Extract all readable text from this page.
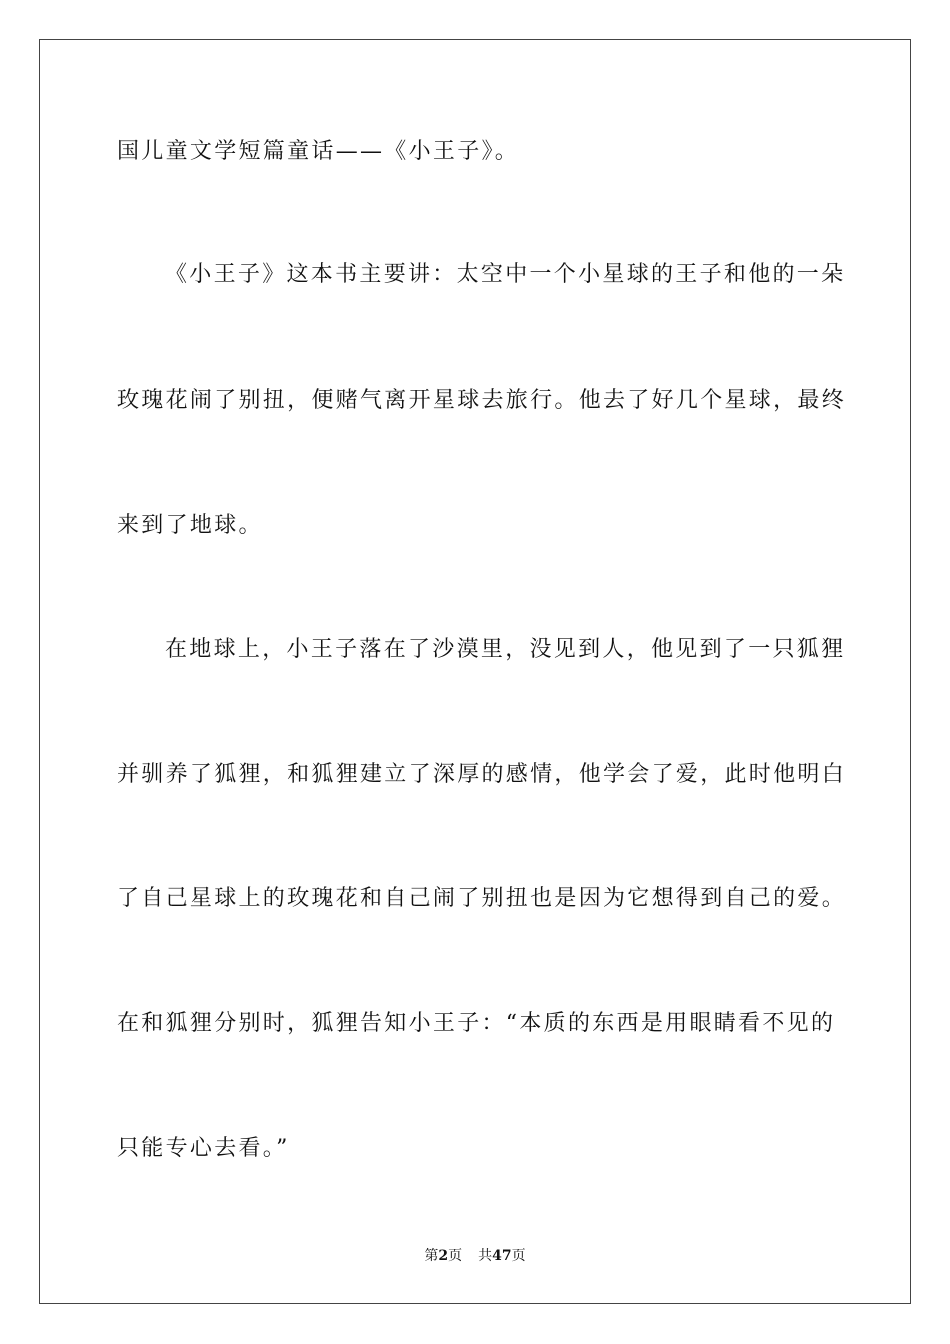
国儿童文学短篇童话——《小王子》。
《小王子》这本书主要讲：太空中一个小星球的王子和他的一朵
玫瑰花闹了别扭，便赌气离开星球去旅行。他去了好几个星球，最终
来到了地球。
在地球上，小王子落在了沙漠里，没见到人，他见到了一只狐狸
并驯养了狐狸，和狐狸建立了深厚的感情，他学会了爱，此时他明白
了自己星球上的玫瑰花和自己闹了别扭也是因为它想得到自己的爱。
在和狐狸分别时，狐狸告知小王子：“本质的东西是用眼睛看不见的
只能专心去看。”
第2页 共47页
